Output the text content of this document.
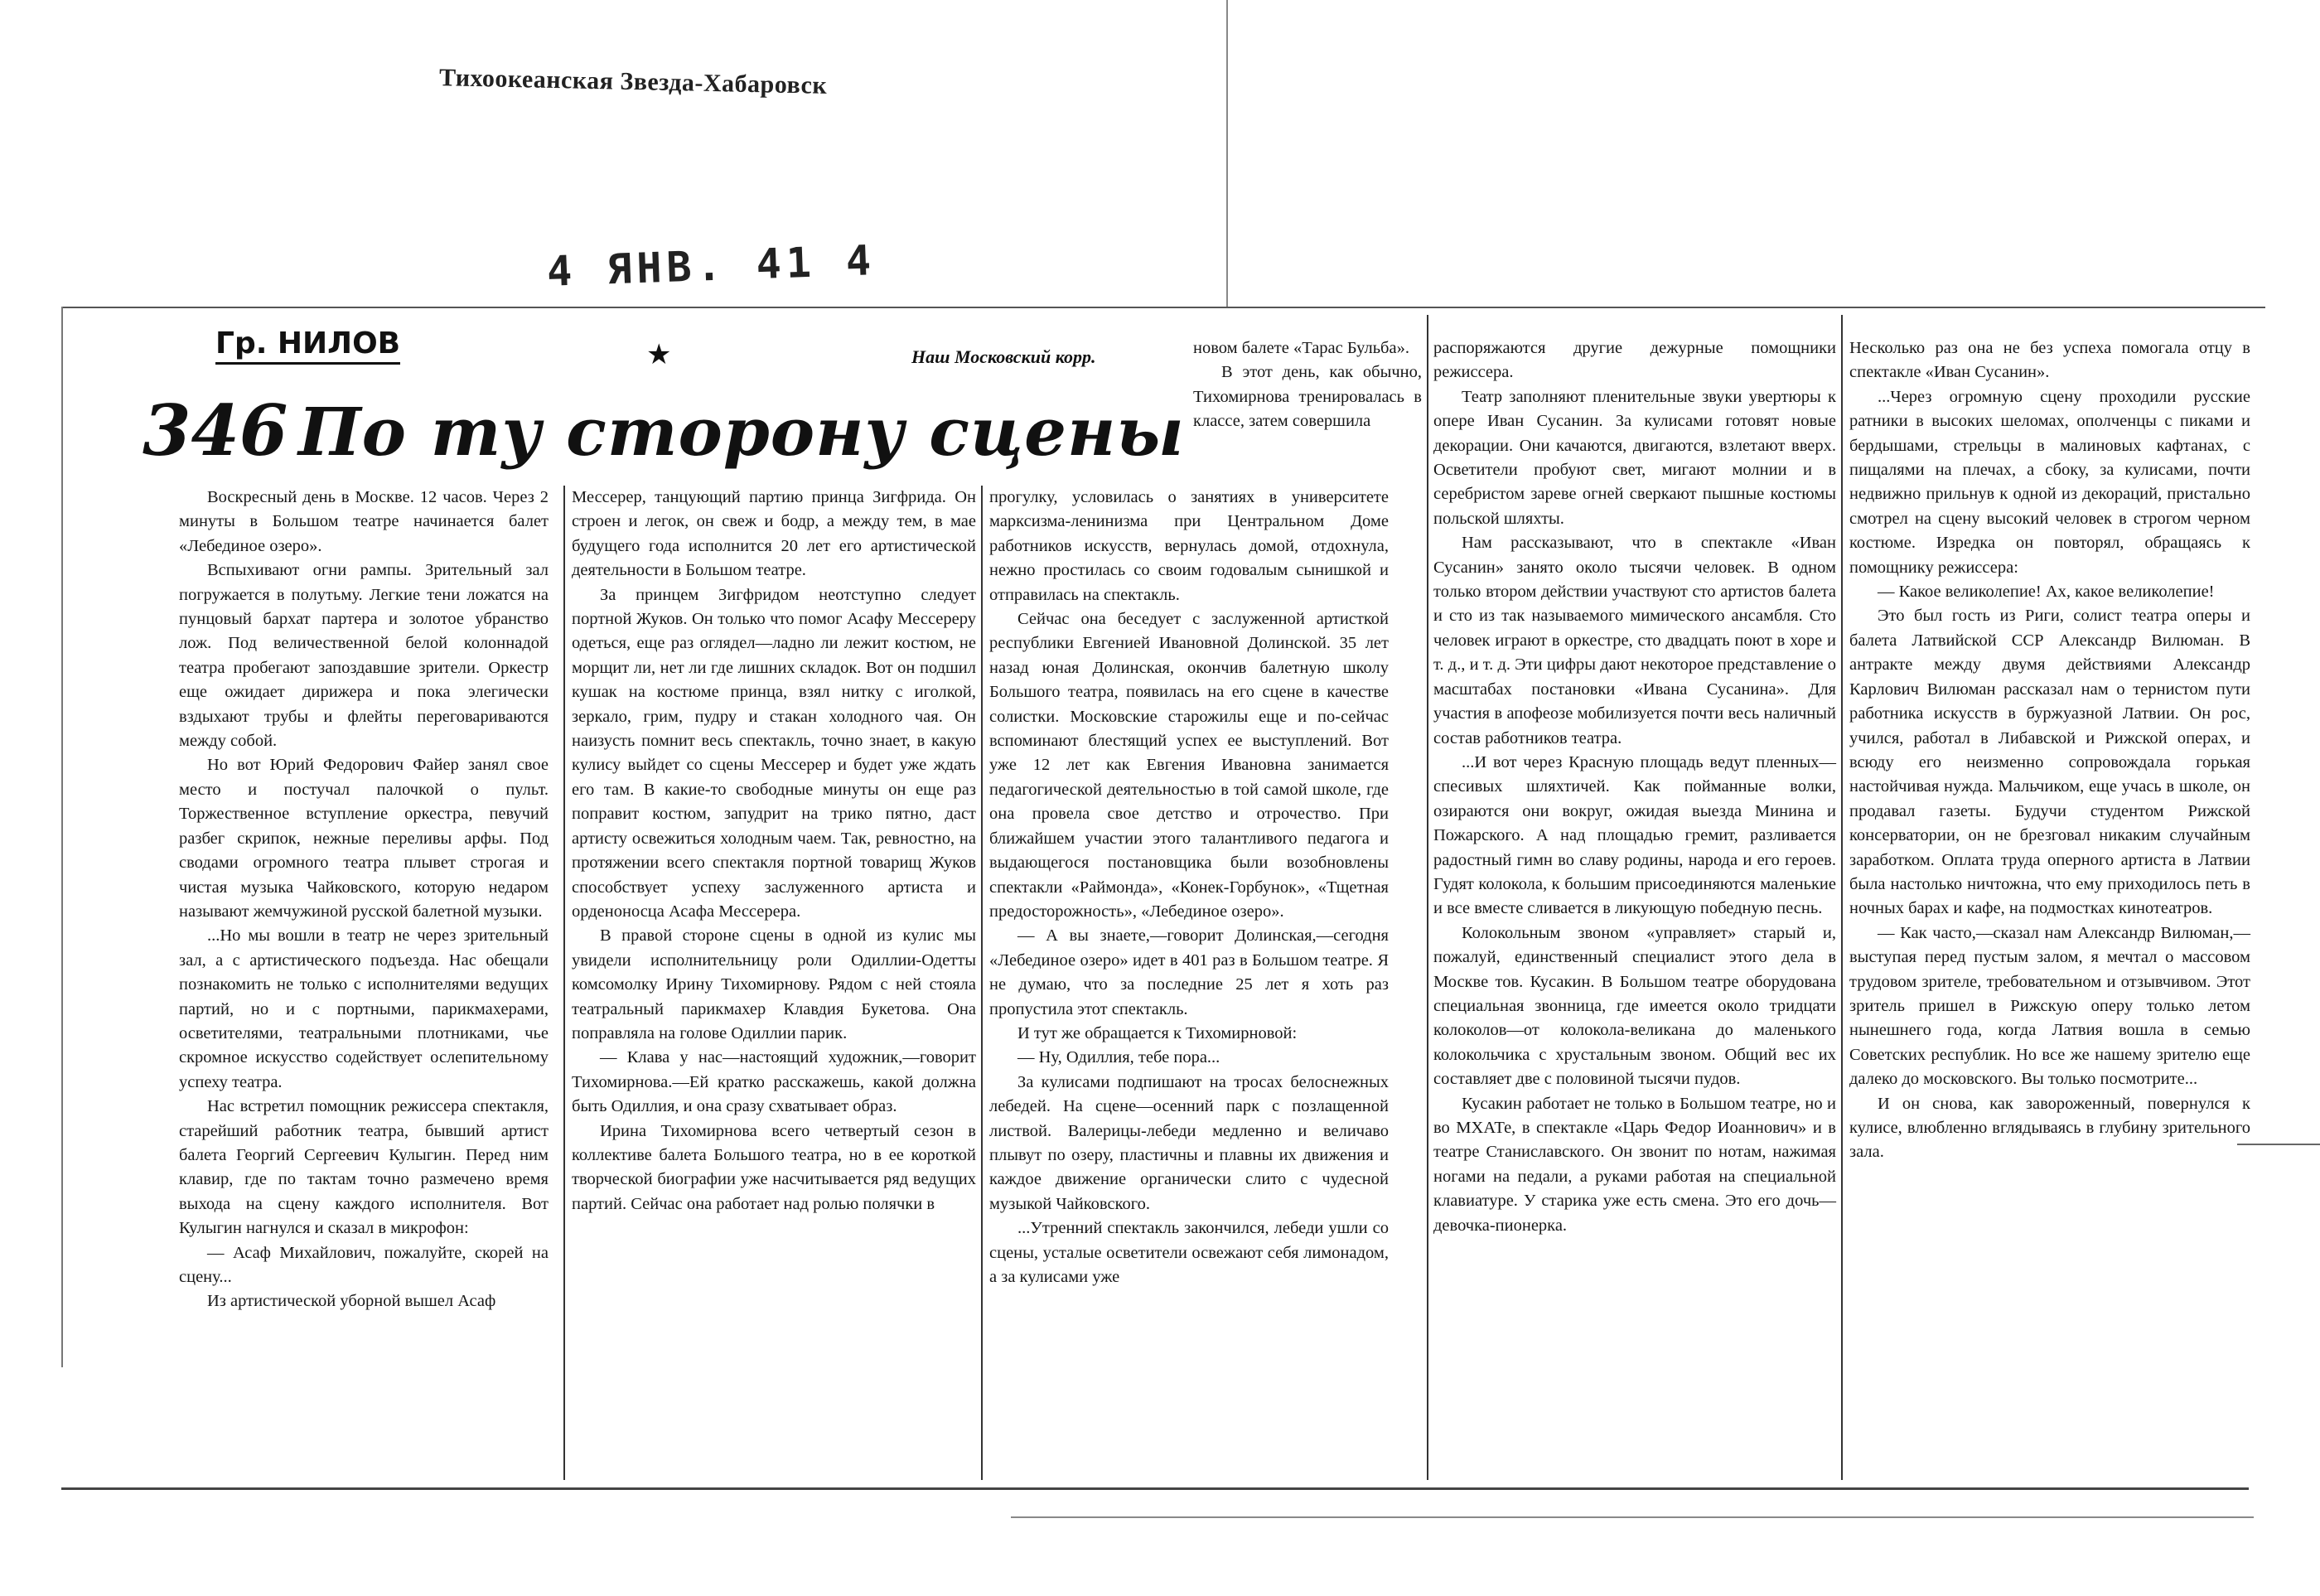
Тихоокеанская Звезда-Хабаровск
4 ЯНВ. 41 4
Гр. НИЛОВ	★	Наш Московский корр.
346 По ту сторону сцены

Воскресный день в Москве. 12 часов. Через 2 минуты в Большом театре начинается балет «Лебединое озеро».

Вспыхивают огни рампы. Зрительный зал погружается в полутьму. Легкие тени ложатся на пунцовый бархат партера и золотое убранство лож. Под величественной белой колоннадой театра пробегают запоздавшие зрители. Оркестр еще ожидает дирижера и пока элегически вздыхают трубы и флейты переговариваются между собой.

Но вот Юрий Федорович Файер занял свое место и постучал палочкой о пульт. Торжественное вступление оркестра, певучий разбег скрипок, нежные переливы арфы. Под сводами огромного театра плывет строгая и чистая музыка Чайковского, которую недаром называют жемчужиной русской балетной музыки.

...Но мы вошли в театр не через зрительный зал, а с артистического подъезда. Нас обещали познакомить не только с исполнителями ведущих партий, но и с портными, парикмахерами, осветителями, театральными плотниками, чье скромное искусство содействует ослепительному успеху театра.

Нас встретил помощник режиссера спектакля, старейший работник театра, бывший артист балета Георгий Сергеевич Кулыгин. Перед ним клавир, где по тактам точно размечено время выхода на сцену каждого исполнителя. Вот Кулыгин нагнулся и сказал в микрофон:

— Асаф Михайлович, пожалуйте, скорей на сцену...

Из артистической уборной вышел Асаф

Мессерер, танцующий партию принца Зигфрида. Он строен и легок, он свеж и бодр, а между тем, в мае будущего года исполнится 20 лет его артистической деятельности в Большом театре.

За принцем Зигфридом неотступно следует портной Жуков. Он только что помог Асафу Мессереру одеться, еще раз оглядел—ладно ли лежит костюм, не морщит ли, нет ли где лишних складок. Вот он подшил кушак на костюме принца, взял нитку с иголкой, зеркало, грим, пудру и стакан холодного чая. Он наизусть помнит весь спектакль, точно знает, в какую кулису выйдет со сцены Мессерер и будет уже ждать его там. В какие-то свободные минуты он еще раз поправит костюм, запудрит на трико пятно, даст артисту освежиться холодным чаем. Так, ревностно, на протяжении всего спектакля портной товарищ Жуков способствует успеху заслуженного артиста и орденоносца Асафа Мессерера.

В правой стороне сцены в одной из кулис мы увидели исполнительницу роли Одиллии-Одетты комсомолку Ирину Тихомирнову. Рядом с ней стояла театральный парикмахер Клавдия Букетова. Она поправляла на голове Одиллии парик.

— Клава у нас—настоящий художник,—говорит Тихомирнова.—Ей кратко расскажешь, какой должна быть Одиллия, и она сразу схватывает образ.

Ирина Тихомирнова всего четвертый сезон в коллективе балета Большого театра, но в ее короткой творческой биографии уже насчитывается ряд ведущих партий. Сейчас она работает над ролью полячки в

прогулку, условилась о занятиях в университете марксизма-ленинизма при Центральном Доме работников искусств, вернулась домой, отдохнула, нежно простилась со своим годовалым сынишкой и отправилась на спектакль.

Сейчас она беседует с заслуженной артисткой республики Евгенией Ивановной Долинской. 35 лет назад юная Долинская, окончив балетную школу Большого театра, появилась на его сцене в качестве солистки. Московские старожилы еще и по-сейчас вспоминают блестящий успех ее выступлений. Вот уже 12 лет как Евгения Ивановна занимается педагогической деятельностью в той самой школе, где она провела свое детство и отрочество. При ближайшем участии этого талантливого педагога и выдающегося постановщика были возобновлены спектакли «Раймонда», «Конек-Горбунок», «Тщетная предосторожность», «Лебединое озеро».

— А вы знаете,—говорит Долинская,—сегодня «Лебединое озеро» идет в 401 раз в Большом театре. Я не думаю, что за последние 25 лет я хоть раз пропустила этот спектакль.

И тут же обращается к Тихомирновой:

— Ну, Одиллия, тебе пора...

За кулисами подпишают на тросах белоснежных лебедей. На сцене—осенний парк с позлащенной листвой. Валерицы-лебеди медленно и величаво плывут по озеру, пластичны и плавны их движения и каждое движение органически слито с чудесной музыкой Чайковского.

...Утренний спектакль закончился, лебеди ушли со сцены, усталые осветители освежают себя лимонадом, а за кулисами уже

новом балете «Тарас Бульба».

В этот день, как обычно, Тихомирнова тренировалась в классе, затем совершила

распоряжаются другие дежурные помощники режиссера.

Театр заполняют пленительные звуки увертюры к опере Иван Сусанин. За кулисами готовят новые декорации. Они качаются, двигаются, взлетают вверх. Осветители пробуют свет, мигают молнии и в серебристом зареве огней сверкают пышные костюмы польской шляхты.

Нам рассказывают, что в спектакле «Иван Сусанин» занято около тысячи человек. В одном только втором действии участвуют сто артистов балета и сто из так называемого мимического ансамбля. Сто человек играют в оркестре, сто двадцать поют в хоре и т. д., и т. д. Эти цифры дают некоторое представление о масштабах постановки «Ивана Сусанина». Для участия в апофеозе мобилизуется почти весь наличный состав работников театра.

...И вот через Красную площадь ведут пленных—спесивых шляхтичей. Как пойманные волки, озираются они вокруг, ожидая выезда Минина и Пожарского. А над площадью гремит, разливается радостный гимн во славу родины, народа и его героев. Гудят колокола, к большим присоединяются маленькие и все вместе сливается в ликующую победную песнь.

Колокольным звоном «управляет» старый и, пожалуй, единственный специалист этого дела в Москве тов. Кусакин. В Большом театре оборудована специальная звонница, где имеется около тридцати колоколов—от колокола-великана до маленького колокольчика с хрустальным звоном. Общий вес их составляет две с половиной тысячи пудов.

Кусакин работает не только в Большом театре, но и во МХАТе, в спектакле «Царь Федор Иоаннович» и в театре Станиславского. Он звонит по нотам, нажимая ногами на педали, а руками работая на специальной клавиатуре. У старика уже есть смена. Это его дочь—девочка-пионерка.

Несколько раз она не без успеха помогала отцу в спектакле «Иван Сусанин».

...Через огромную сцену проходили русские ратники в высоких шеломах, ополченцы с пиками и бердышами, стрельцы в малиновых кафтанах, с пищалями на плечах, а сбоку, за кулисами, почти недвижно прильнув к одной из декораций, пристально смотрел на сцену высокий человек в строгом черном костюме. Изредка он повторял, обращаясь к помощнику режиссера:

— Какое великолепие! Ах, какое великолепие!

Это был гость из Риги, солист театра оперы и балета Латвийской ССР Александр Вилюман. В антракте между двумя действиями Александр Карлович Вилюман рассказал нам о тернистом пути работника искусств в буржуазной Латвии. Он рос, учился, работал в Либавской и Рижской операх, и всюду его неизменно сопровождала горькая настойчивая нужда. Мальчиком, еще учась в школе, он продавал газеты. Будучи студентом Рижской консерватории, он не брезговал никаким случайным заработком. Оплата труда оперного артиста в Латвии была настолько ничтожна, что ему приходилось петь в ночных барах и кафе, на подмостках кинотеатров.

— Как часто,—сказал нам Александр Вилюман,—выступая перед пустым залом, я мечтал о массовом трудовом зрителе, требовательном и отзывчивом. Этот зритель пришел в Рижскую оперу только летом нынешнего года, когда Латвия вошла в семью Советских республик. Но все же нашему зрителю еще далеко до московского. Вы только посмотрите...

И он снова, как завороженный, повернулся к кулисе, влюбленно вглядываясь в глубину зрительного зала.
